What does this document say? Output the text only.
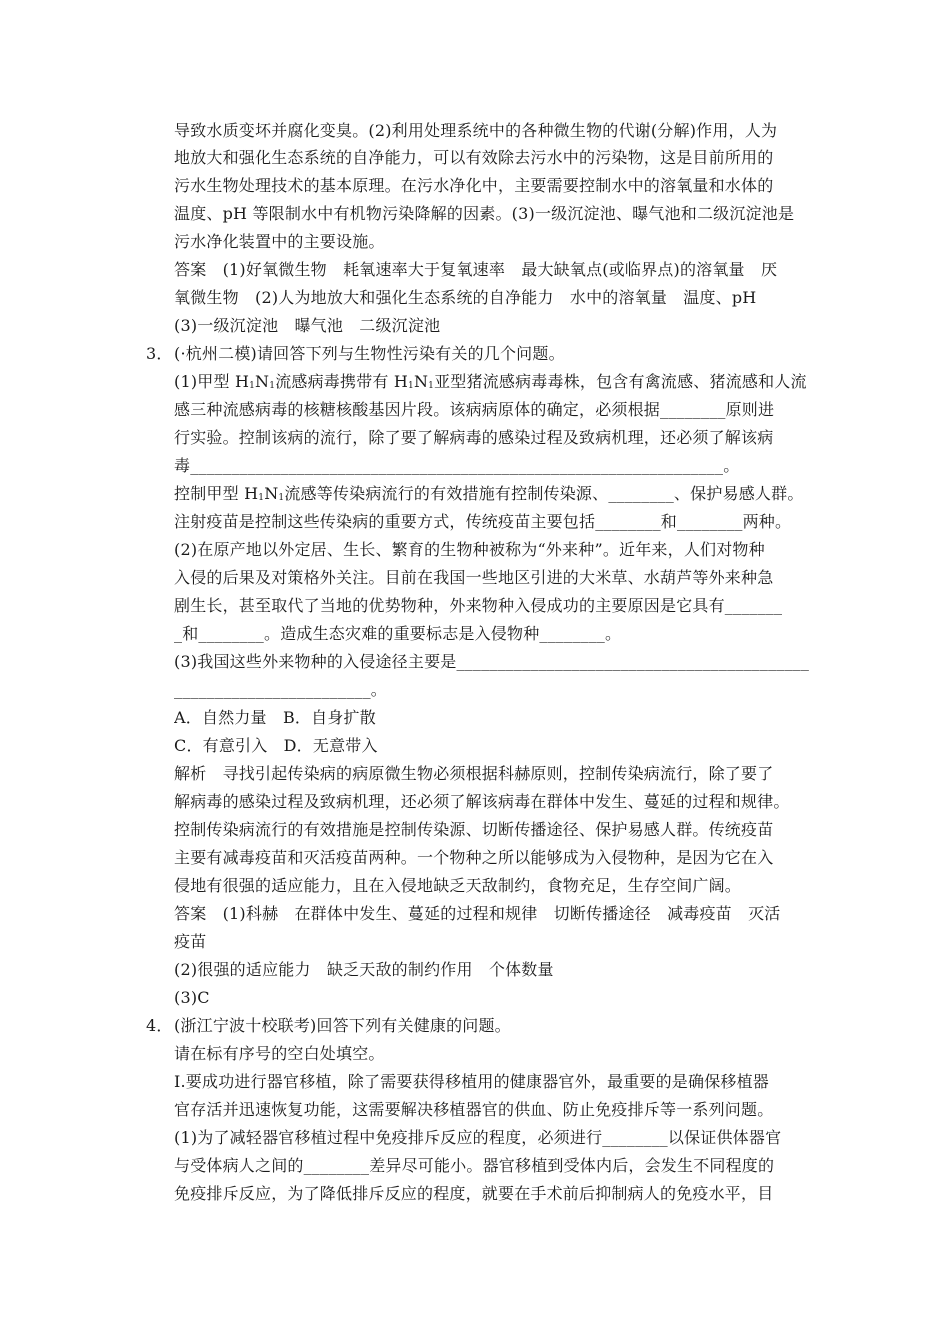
导致水质变坏并腐化变臭。(2)利用处理系统中的各种微生物的代谢(分解)作用，人为
地放大和强化生态系统的自净能力，可以有效除去污水中的污染物，这是目前所用的
污水生物处理技术的基本原理。在污水净化中，主要需要控制水中的溶氧量和水体的
温度、pH 等限制水中有机物污染降解的因素。(3)一级沉淀池、曝气池和二级沉淀池是
污水净化装置中的主要设施。
答案　(1)好氧微生物　耗氧速率大于复氧速率　最大缺氧点(或临界点)的溶氧量　厌
氧微生物　(2)人为地放大和强化生态系统的自净能力　水中的溶氧量　温度、pH
(3)一级沉淀池　曝气池　二级沉淀池
3． (·杭州二模)请回答下列与生物性污染有关的几个问题。
(1)甲型 $H_1N_1$流感病毒携带有 $H_1N_1$亚型猪流感病毒毒株，包含有禽流感、猪流感和人流
感三种流感病毒的核糖核酸基因片段。该病病原体的确定，必须根据________原则进
行实验。控制该病的流行，除了要了解病毒的感染过程及致病机理，还必须了解该病
毒_________________________________________________________________。
控制甲型 $H_1N_1$流感等传染病流行的有效措施有控制传染源、________、保护易感人群。
注射疫苗是控制这些传染病的重要方式，传统疫苗主要包括________和________两种。
(2)在原产地以外定居、生长、繁育的生物种被称为“外来种”。近年来，人们对物种
入侵的后果及对策格外关注。目前在我国一些地区引进的大米草、水葫芦等外来种急
剧生长，甚至取代了当地的优势物种，外来物种入侵成功的主要原因是它具有_______
_和________。造成生态灾难的重要标志是入侵物种________。
(3)我国这些外来物种的入侵途径主要是___________________________________________
________________________。
A．自然力量　B．自身扩散
C．有意引入　D．无意带入
解析　寻找引起传染病的病原微生物必须根据科赫原则，控制传染病流行，除了要了
解病毒的感染过程及致病机理，还必须了解该病毒在群体中发生、蔓延的过程和规律。
控制传染病流行的有效措施是控制传染源、切断传播途径、保护易感人群。传统疫苗
主要有减毒疫苗和灭活疫苗两种。一个物种之所以能够成为入侵物种，是因为它在入
侵地有很强的适应能力，且在入侵地缺乏天敌制约，食物充足，生存空间广阔。
答案　(1)科赫　在群体中发生、蔓延的过程和规律　切断传播途径　减毒疫苗　灭活
疫苗
(2)很强的适应能力　缺乏天敌的制约作用　个体数量
(3)C
4． (浙江宁波十校联考)回答下列有关健康的问题。
请在标有序号的空白处填空。
Ⅰ.要成功进行器官移植，除了需要获得移植用的健康器官外，最重要的是确保移植器
官存活并迅速恢复功能，这需要解决移植器官的供血、防止免疫排斥等一系列问题。
(1)为了减轻器官移植过程中免疫排斥反应的程度，必须进行________以保证供体器官
与受体病人之间的________差异尽可能小。器官移植到受体内后，会发生不同程度的
免疫排斥反应，为了降低排斥反应的程度，就要在手术前后抑制病人的免疫水平，目
